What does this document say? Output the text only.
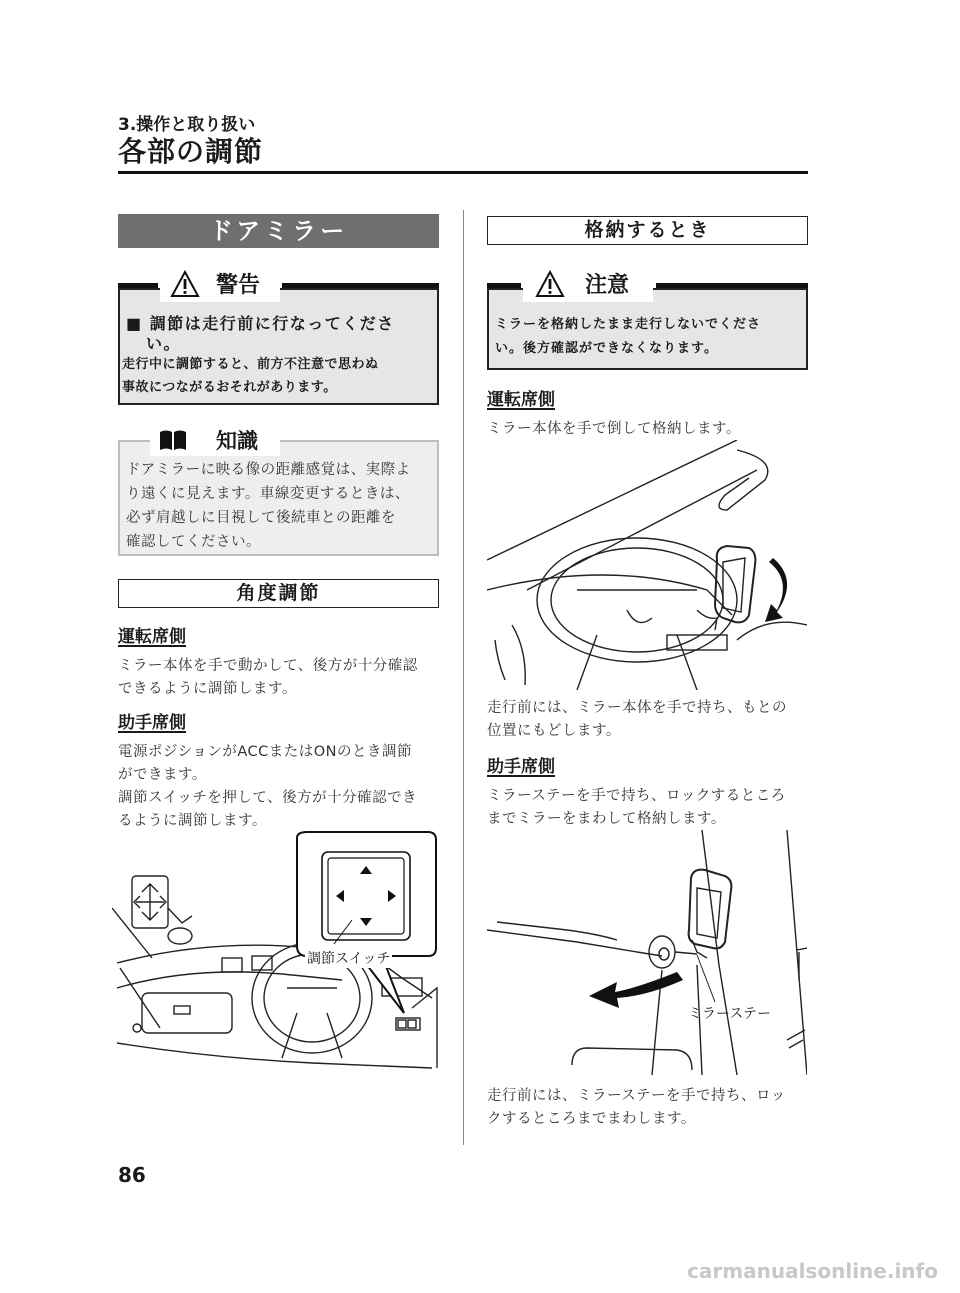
3.操作と取り扱い
各部の調節
ドアミラー
警告
■ 調節は走行前に行なってくださ
い。
走行中に調節すると、前方不注意で思わぬ
事故につながるおそれがあります。
知識
ドアミラーに映る像の距離感覚は、実際よ
り遠くに見えます。車線変更するときは、
必ず肩越しに目視して後続車との距離を
確認してください。
角度調節
運転席側
ミラー本体を手で動かして、後方が十分確認
できるように調節します。
助手席側
電源ポジションがACCまたはONのとき調節
ができます。
調節スイッチを押して、後方が十分確認でき
るように調節します。
調節スイッチ
格納するとき
注意
ミラーを格納したまま走行しないでくださ
い。後方確認ができなくなります。
運転席側
ミラー本体を手で倒して格納します。
走行前には、ミラー本体を手で持ち、もとの
位置にもどします。
助手席側
ミラーステーを手で持ち、ロックするところ
までミラーをまわして格納します。
ミラーステー
走行前には、ミラーステーを手で持ち、ロッ
クするところまでまわします。
86
carmanualsonline.info
